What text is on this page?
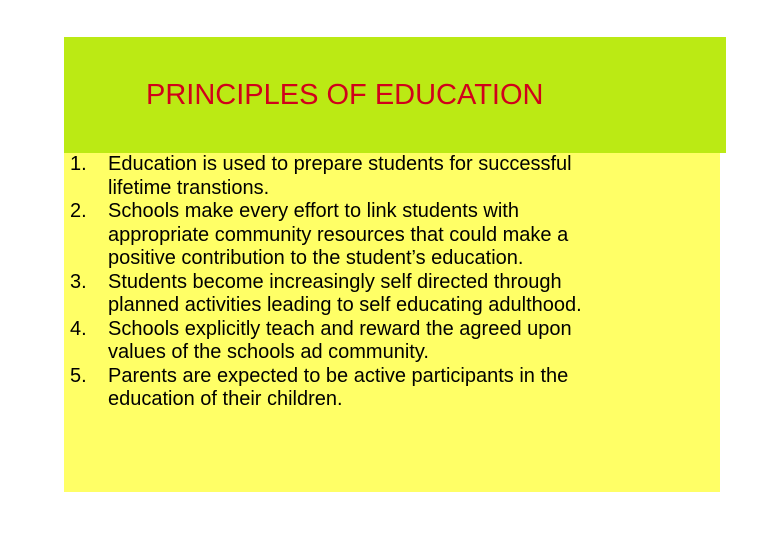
PRINCIPLES OF EDUCATION
1.	Education is used to prepare students for successful
lifetime transtions.
2.	Schools make every effort to link students with
appropriate community resources that could make a
positive contribution to the student’s education.
3.	Students become increasingly self directed through
planned activities leading to self educating adulthood.
4.	Schools explicitly teach and reward the agreed upon
values of the schools ad community.
5.	Parents are expected to be active participants in the
education of their children.
